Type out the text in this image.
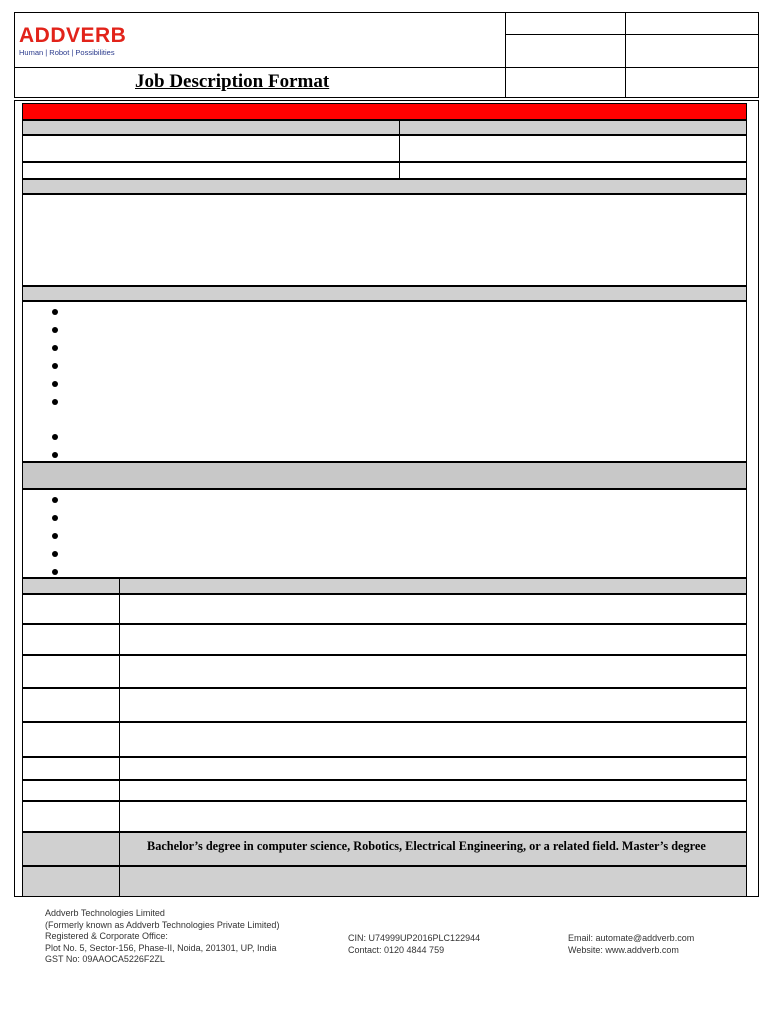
ADDVERB
Human | Robot | Possibilities
Job Description Format
Bachelor’s degree in computer science, Robotics, Electrical Engineering, or a related field. Master’s degree
Addverb Technologies Limited
(Formerly known as Addverb Technologies Private Limited)
Registered & Corporate Office:
Plot No. 5, Sector-156, Phase-II, Noida, 201301, UP, India
GST No: 09AAOCA5226F2ZL
CIN: U74999UP2016PLC122944
Contact: 0120 4844 759
Email: automate@addverb.com
Website: www.addverb.com
